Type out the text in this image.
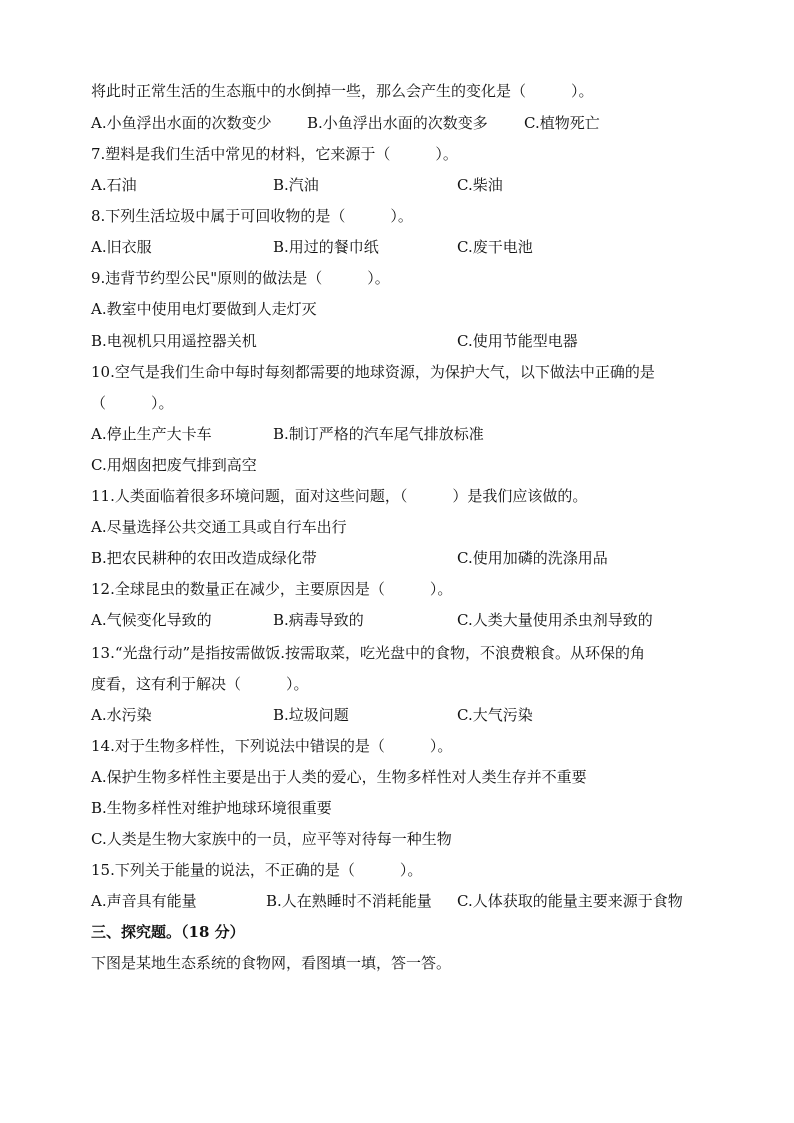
将此时正常生活的生态瓶中的水倒掉一些，那么会产生的变化是（　　　）。
A.小鱼浮出水面的次数变少 B.小鱼浮出水面的次数变多 C.植物死亡
7.塑料是我们生活中常见的材料，它来源于（　　　）。
A.石油	B.汽油	C.柴油
8.下列生活垃圾中属于可回收物的是（　　　）。
A.旧衣服	B.用过的餐巾纸	C.废干电池
9.违背节约型公民"原则的做法是（　　　）。
A.教室中使用电灯要做到人走灯灭
B.电视机只用遥控器关机	C.使用节能型电器
10.空气是我们生命中每时每刻都需要的地球资源，为保护大气，以下做法中正确的是
（　　　）。
A.停止生产大卡车	B.制订严格的汽车尾气排放标准
C.用烟囱把废气排到高空
11.人类面临着很多环境问题，面对这些问题，（　　　）是我们应该做的。
A.尽量选择公共交通工具或自行车出行
B.把农民耕种的农田改造成绿化带	C.使用加磷的洗涤用品
12.全球昆虫的数量正在减少，主要原因是（　　　）。
A.气候变化导致的	B.病毒导致的	C.人类大量使用杀虫剂导致的
13.“光盘行动”是指按需做饭.按需取菜，吃光盘中的食物，不浪费粮食。从环保的角
度看，这有利于解决（　　　）。
A.水污染	B.垃圾问题	C.大气污染
14.对于生物多样性，下列说法中错误的是（　　　）。
A.保护生物多样性主要是出于人类的爱心，生物多样性对人类生存并不重要
B.生物多样性对维护地球环境很重要
C.人类是生物大家族中的一员，应平等对待每一种生物
15.下列关于能量的说法，不正确的是（　　　）。
A.声音具有能量	B.人在熟睡时不消耗能量 C.人体获取的能量主要来源于食物
三、探究题。（18 分）
下图是某地生态系统的食物网，看图填一填，答一答。
